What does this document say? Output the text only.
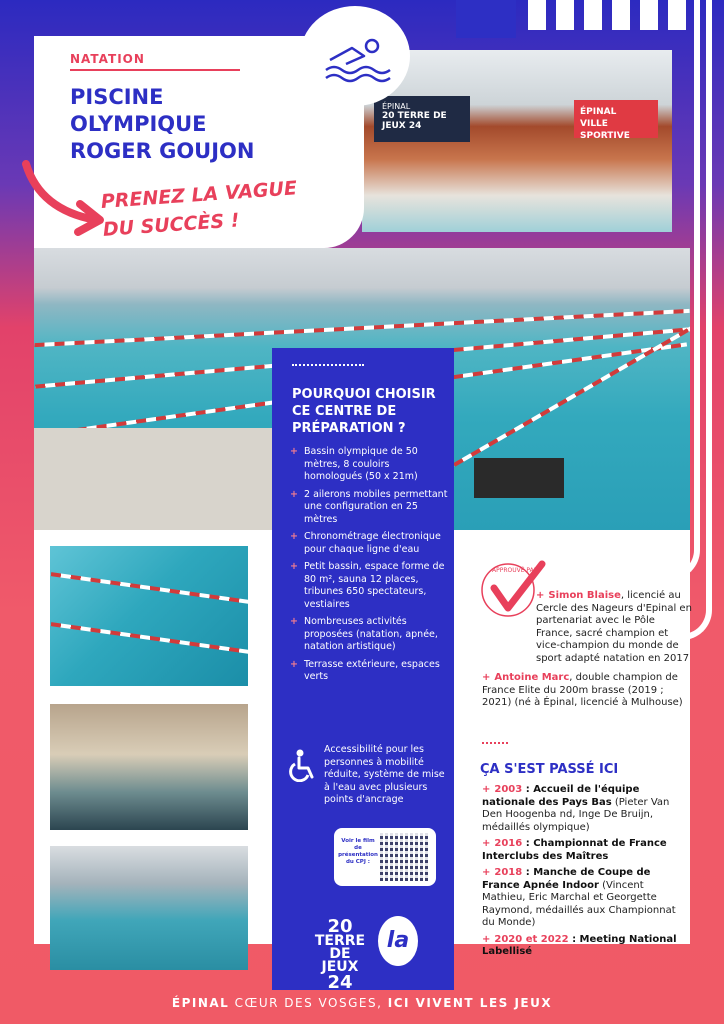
ÉPINAL
20 TERRE DE JEUX 24
ÉPINAL
VILLE SPORTIVE
NATATION
PISCINE
OLYMPIQUE
ROGER GOUJON
PRENEZ LA VAGUE
DU SUCCÈS !
POURQUOI CHOISIR CE CENTRE DE PRÉPARATION ?
+ Bassin olympique de 50 mètres, 8 couloirs homologués (50 x 21m)
+ 2 ailerons mobiles permettant une configuration en 25 mètres
+ Chronométrage électronique pour chaque ligne d'eau
+ Petit bassin, espace forme de 80 m², sauna 12 places, tribunes 650 spectateurs, vestiaires
+ Nombreuses activités proposées (natation, apnée, natation artistique)
+ Terrasse extérieure, espaces verts
Accessibilité pour les personnes à mobilité réduite, système de mise à l'eau avec plusieurs points d'ancrage
Voir le film de présentation du CPJ :
20
TERRE
DE JEUX
24
la
APPROUVÉ PAR
+ Simon Blaise, licencié au Cercle des Nageurs d'Epinal en partenariat avec le Pôle France, sacré champion et vice-champion du monde de sport adapté natation en 2017
+ Antoine Marc, double champion de France Elite du 200m brasse (2019 ; 2021) (né à Épinal, licencié à Mulhouse)
ÇA S'EST PASSÉ ICI
+ 2003 : Accueil de l'équipe nationale des Pays Bas (Pieter Van Den Hoogenba nd, Inge De Bruijn, médaillés olympique)
+ 2016 : Championnat de France Interclubs des Maîtres
+ 2018 : Manche de Coupe de France Apnée Indoor (Vincent Mathieu, Eric Marchal et Georgette Raymond, médaillés aux Championnat du Monde)
+ 2020 et 2022 : Meeting National Labellisé
ÉPINAL CŒUR DES VOSGES, ICI VIVENT LES JEUX
